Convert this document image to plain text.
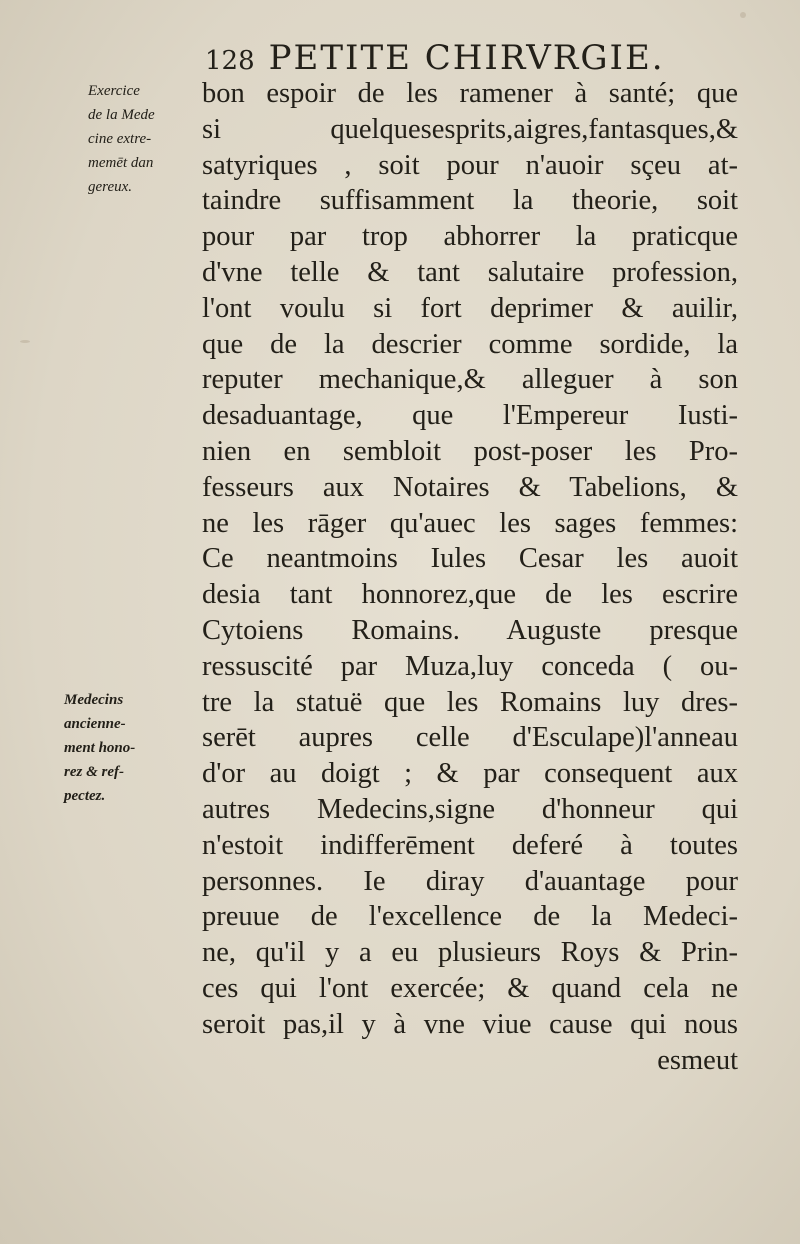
128 PETITE CHIRVRGIE.
Exercice
de la Mede
cine extre-
memēt dan
gereux.
Medecins
ancienne-
ment hono-
rez & ref-
pectez.
bon espoir de les ramener à santé; que
si quelquesesprits,aigres,fantasques,&
satyriques , soit pour n'auoir sçeu at-
taindre suffisamment la theorie, soit
pour par trop abhorrer la praticque
d'vne telle & tant salutaire profession,
l'ont voulu si fort deprimer & auilir,
que de la descrier comme sordide, la
reputer mechanique,& alleguer à son
desaduantage, que l'Empereur Iusti-
nien en sembloit post-poser les Pro-
fesseurs aux Notaires & Tabelions, &
ne les rāger qu'auec les sages femmes:
Ce neantmoins Iules Cesar les auoit
desia tant honnorez,que de les escrire
Cytoiens Romains. Auguste presque
ressuscité par Muza,luy conceda ( ou-
tre la statuë que les Romains luy dres-
serēt aupres celle d'Esculape)l'anneau
d'or au doigt ; & par consequent aux
autres Medecins,signe d'honneur qui
n'estoit indifferēment deferé à toutes
personnes. Ie diray d'auantage pour
preuue de l'excellence de la Medeci-
ne, qu'il y a eu plusieurs Roys & Prin-
ces qui l'ont exercée; & quand cela ne
seroit pas,il y à vne viue cause qui nous
esmeut
